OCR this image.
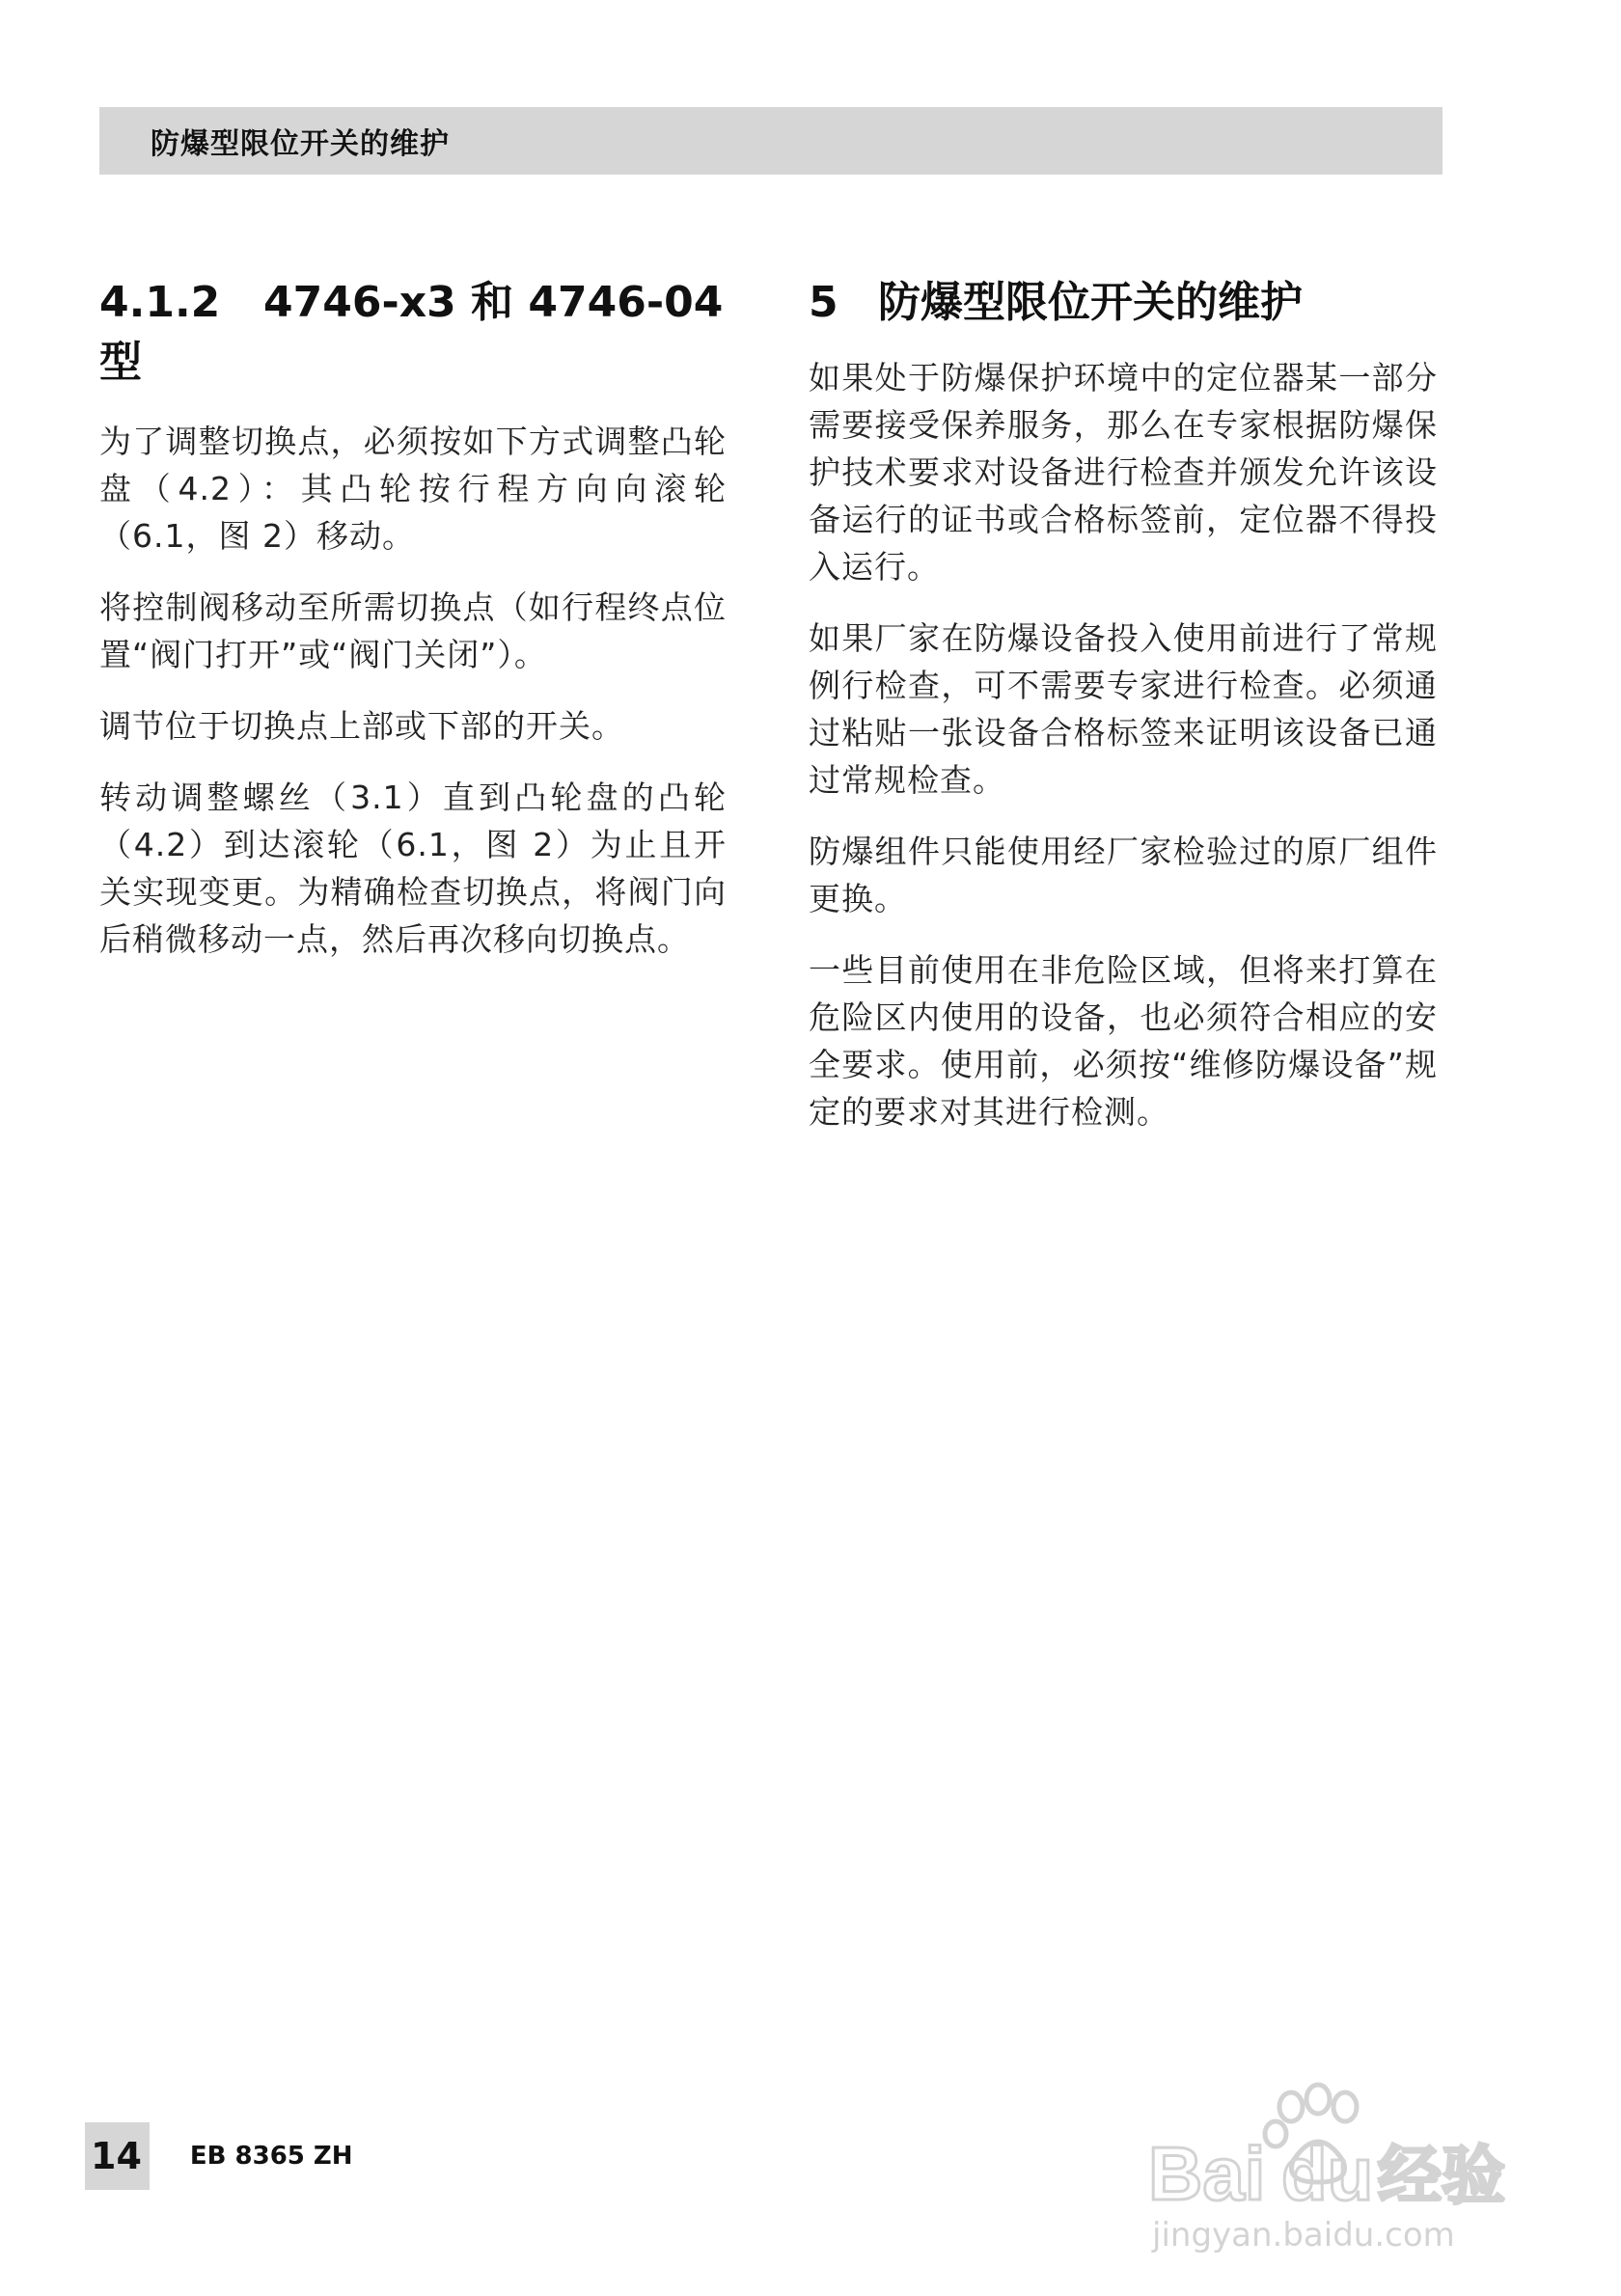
防爆型限位开关的维护
4.1.2 4746-x3 和 4746-04
型

为了调整切换点，必须按如下方式调整凸轮盘（4.2）：其凸轮按行程方向向滚轮（6.1，图 2）移动。

将控制阀移动至所需切换点（如行程终点位置“阀门打开”或“阀门关闭”）。

调节位于切换点上部或下部的开关。

转动调整螺丝（3.1）直到凸轮盘的凸轮（4.2）到达滚轮（6.1，图 2）为止且开关实现变更。为精确检查切换点，将阀门向后稍微移动一点，然后再次移向切换点。

5 防爆型限位开关的维护

如果处于防爆保护环境中的定位器某一部分需要接受保养服务，那么在专家根据防爆保护技术要求对设备进行检查并颁发允许该设备运行的证书或合格标签前，定位器不得投入运行。

如果厂家在防爆设备投入使用前进行了常规例行检查，可不需要专家进行检查。必须通过粘贴一张设备合格标签来证明该设备已通过常规检查。

防爆组件只能使用经厂家检验过的原厂组件更换。

一些目前使用在非危险区域，但将来打算在危险区内使用的设备，也必须符合相应的安全要求。使用前，必须按“维修防爆设备”规定的要求对其进行检测。

14 EB 8365 ZH	Bai du 经验
jingyan.baidu.com
